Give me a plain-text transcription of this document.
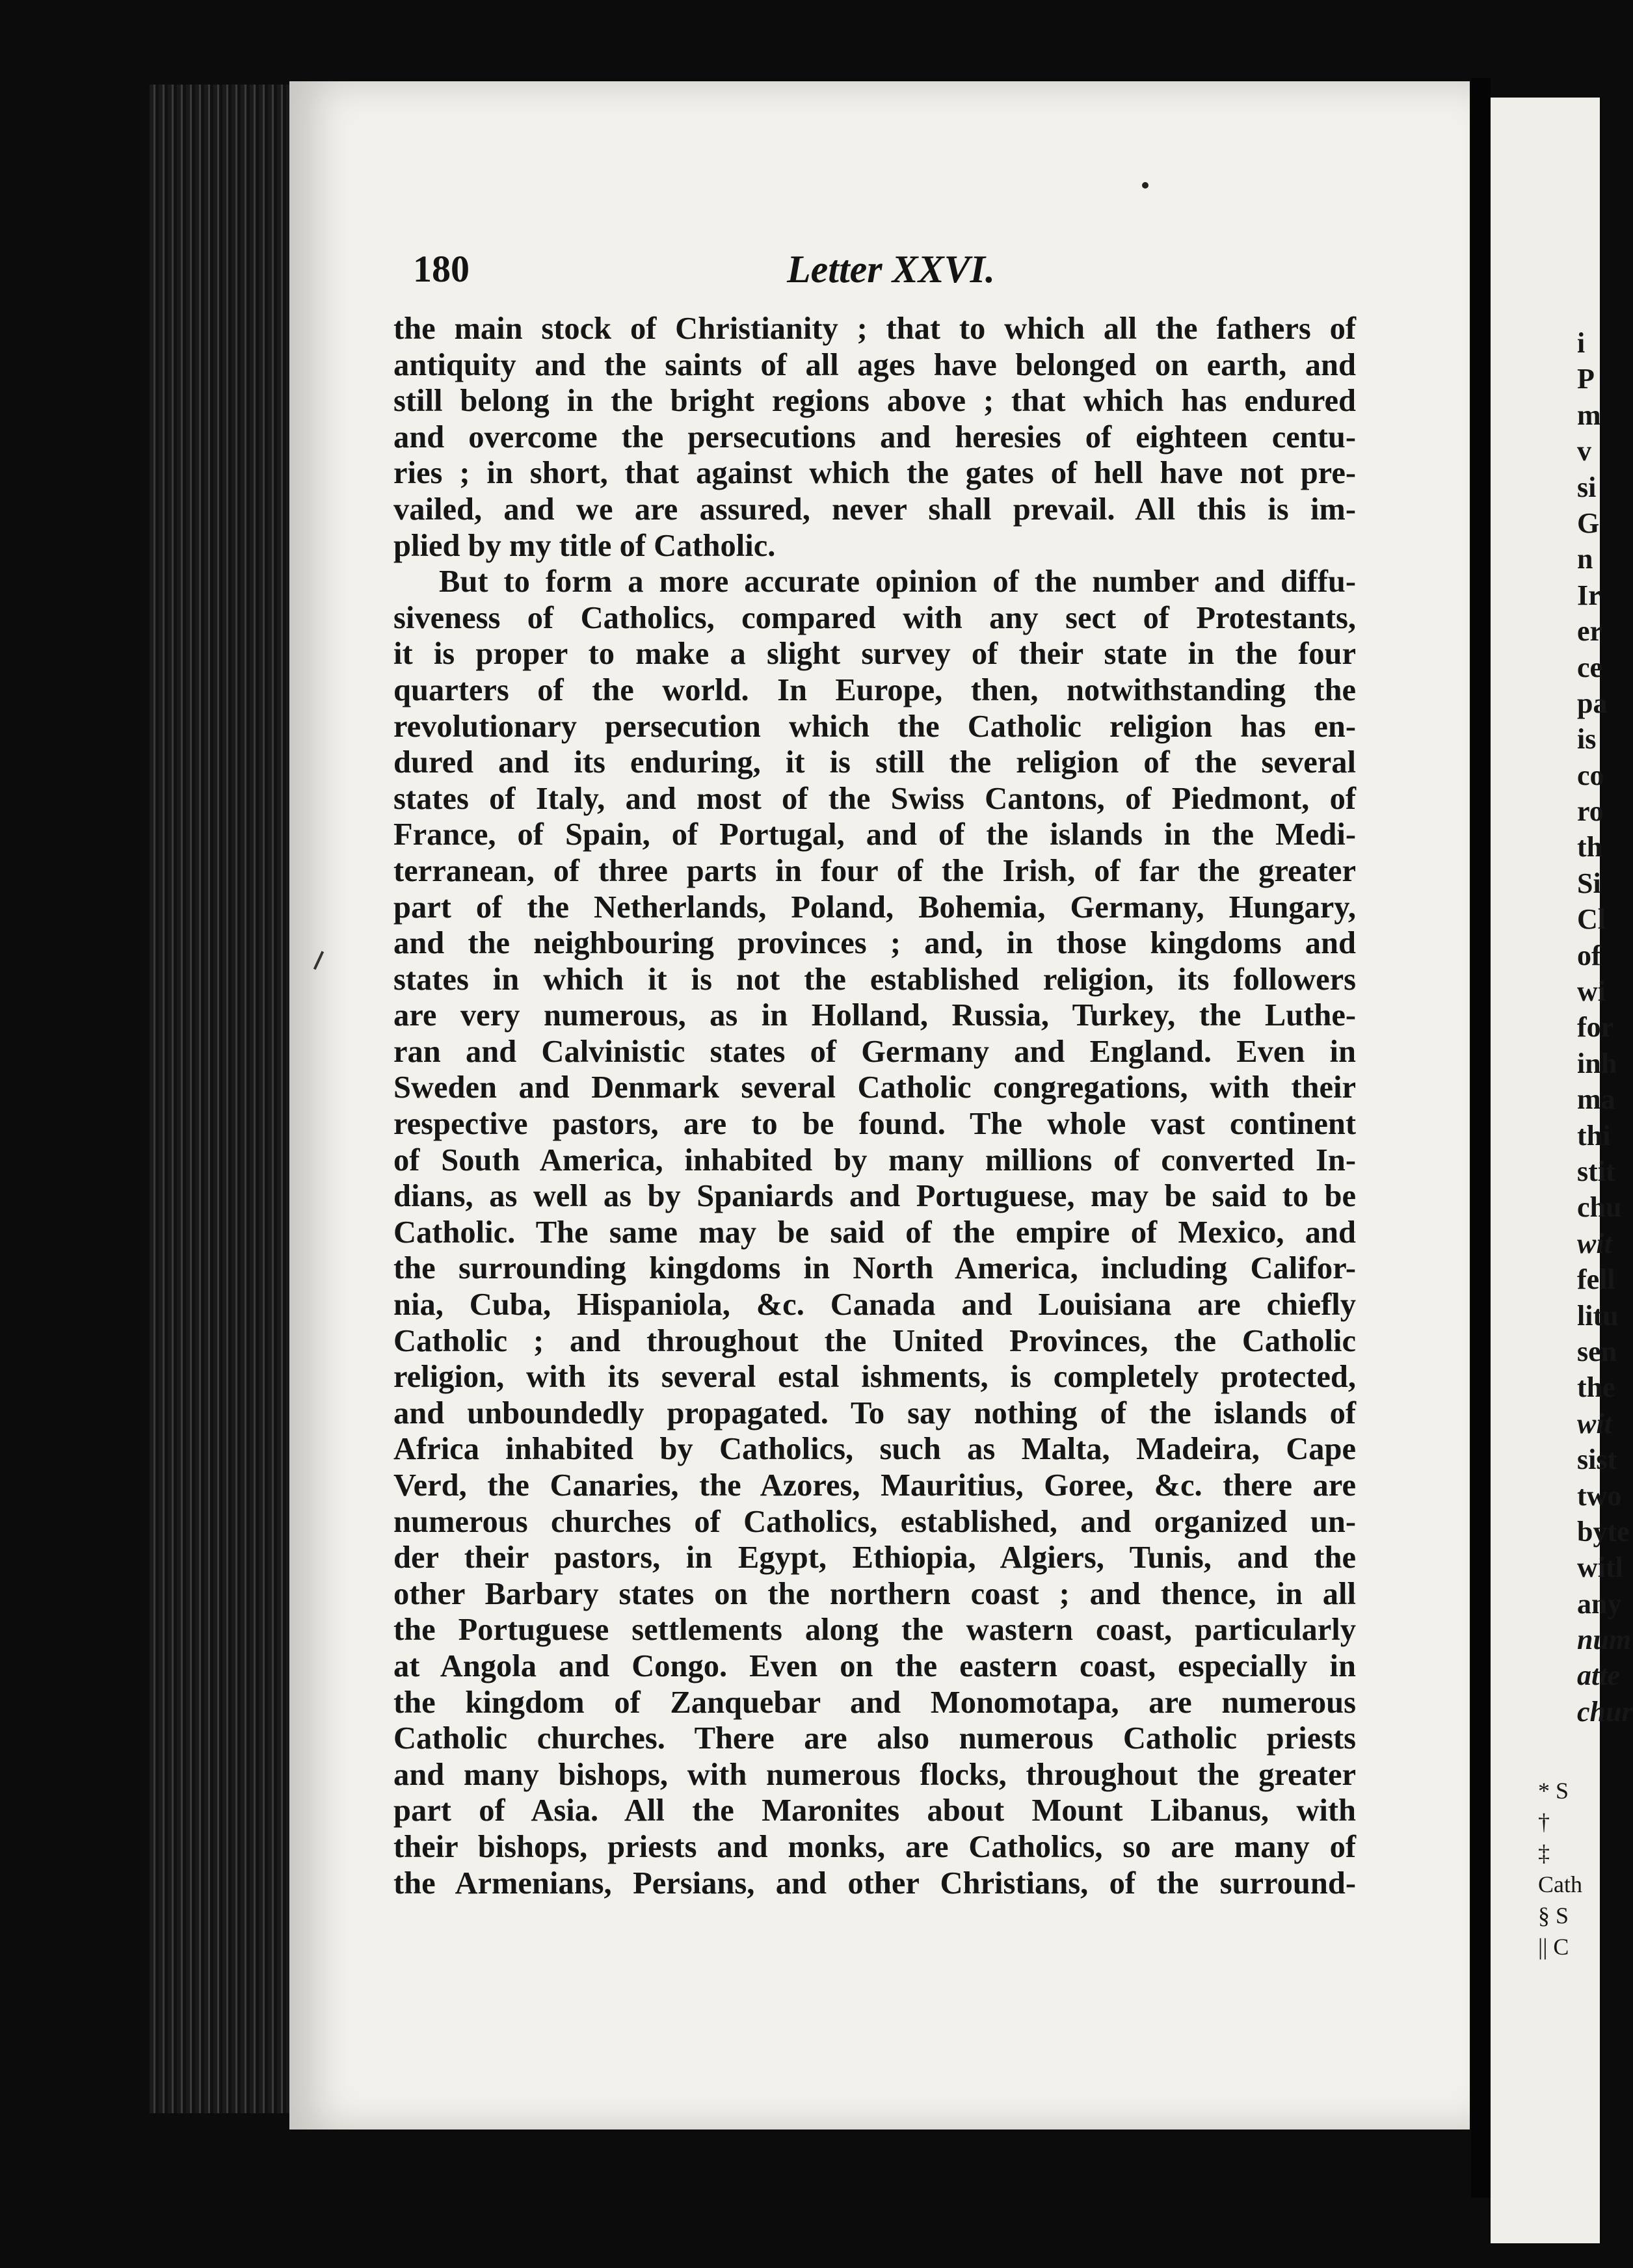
180	Letter XXVI.
the main stock of Christianity ; that to which all the fathers of
antiquity and the saints of all ages have belonged on earth, and
still belong in the bright regions above ; that which has endured
and overcome the persecutions and heresies of eighteen centu-
ries ; in short, that against which the gates of hell have not pre-
vailed, and we are assured, never shall prevail. All this is im-
plied by my title of Catholic.
But to form a more accurate opinion of the number and diffu-
siveness of Catholics, compared with any sect of Protestants,
it is proper to make a slight survey of their state in the four
quarters of the world. In Europe, then, notwithstanding the
revolutionary persecution which the Catholic religion has en-
dured and its enduring, it is still the religion of the several
states of Italy, and most of the Swiss Cantons, of Piedmont, of
France, of Spain, of Portugal, and of the islands in the Medi-
terranean, of three parts in four of the Irish, of far the greater
part of the Netherlands, Poland, Bohemia, Germany, Hungary,
and the neighbouring provinces ; and, in those kingdoms and
states in which it is not the established religion, its followers
are very numerous, as in Holland, Russia, Turkey, the Luthe-
ran and Calvinistic states of Germany and England. Even in
Sweden and Denmark several Catholic congregations, with their
respective pastors, are to be found. The whole vast continent
of South America, inhabited by many millions of converted In-
dians, as well as by Spaniards and Portuguese, may be said to be
Catholic. The same may be said of the empire of Mexico, and
the surrounding kingdoms in North America, including Califor-
nia, Cuba, Hispaniola, &c. Canada and Louisiana are chiefly
Catholic ; and throughout the United Provinces, the Catholic
religion, with its several estal ishments, is completely protected,
and unboundedly propagated. To say nothing of the islands of
Africa inhabited by Catholics, such as Malta, Madeira, Cape
Verd, the Canaries, the Azores, Mauritius, Goree, &c. there are
numerous churches of Catholics, established, and organized un-
der their pastors, in Egypt, Ethiopia, Algiers, Tunis, and the
other Barbary states on the northern coast ; and thence, in all
the Portuguese settlements along the wastern coast, particularly
at Angola and Congo. Even on the eastern coast, especially in
the kingdom of Zanquebar and Monomotapa, are numerous
Catholic churches. There are also numerous Catholic priests
and many bishops, with numerous flocks, throughout the greater
part of Asia. All the Maronites about Mount Libanus, with
their bishops, priests and monks, are Catholics, so are many of
the Armenians, Persians, and other Christians, of the surround-
i
P
m
v
si
G
n
Ir
er
ce
pa
is
co
ro
th
Si
Cl
of
wi
for
inh
ma
thi
stit
chu
wit
fell
litu
sen
the
wit
sist
two
byte
witl
any
num
atte
chur
* S
†
‡
Cath
§ S
|| C
